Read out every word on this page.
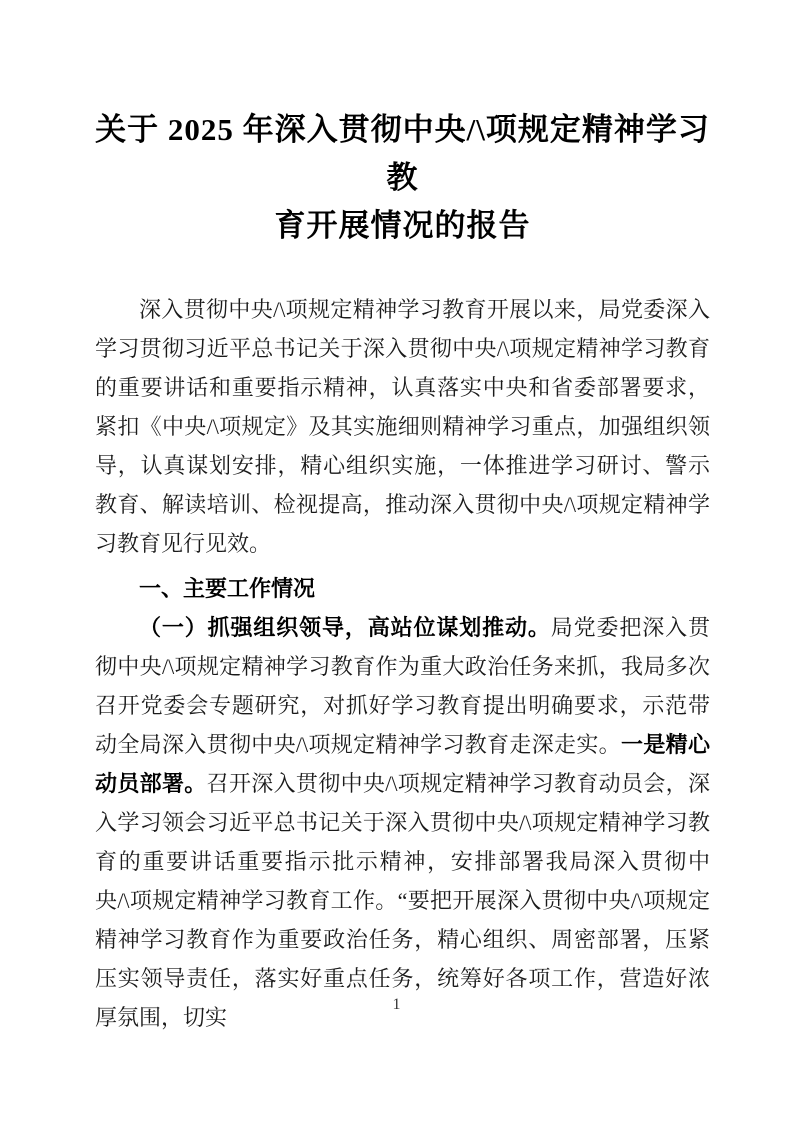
关于 2025 年深入贯彻中央/\项规定精神学习教
育开展情况的报告

深入贯彻中央/\项规定精神学习教育开展以来，局党委深入学习贯彻习近平总书记关于深入贯彻中央/\项规定精神学习教育的重要讲话和重要指示精神，认真落实中央和省委部署要求，紧扣《中央/\项规定》及其实施细则精神学习重点，加强组织领导，认真谋划安排，精心组织实施，一体推进学习研讨、警示教育、解读培训、检视提高，推动深入贯彻中央/\项规定精神学习教育见行见效。

一、主要工作情况

（一）抓强组织领导，高站位谋划推动。局党委把深入贯彻中央/\项规定精神学习教育作为重大政治任务来抓，我局多次召开党委会专题研究，对抓好学习教育提出明确要求，示范带动全局深入贯彻中央/\项规定精神学习教育走深走实。一是精心动员部署。召开深入贯彻中央/\项规定精神学习教育动员会，深入学习领会习近平总书记关于深入贯彻中央/\项规定精神学习教育的重要讲话重要指示批示精神，安排部署我局深入贯彻中央/\项规定精神学习教育工作。“要把开展深入贯彻中央/\项规定精神学习教育作为重要政治任务，精心组织、周密部署，压紧压实领导责任，落实好重点任务，统筹好各项工作，营造好浓厚氛围，切实

1
